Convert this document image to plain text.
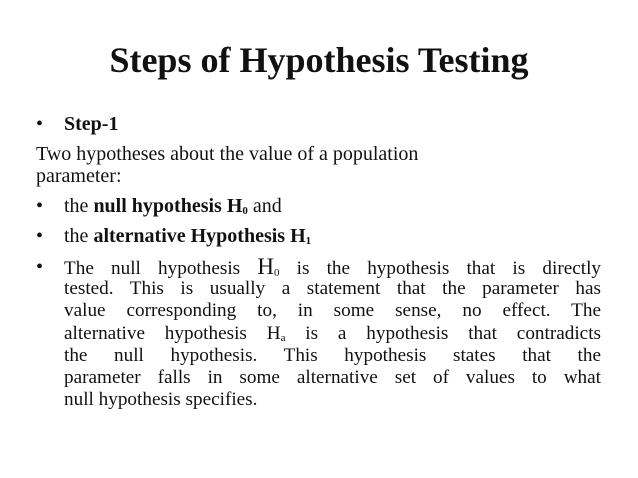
Steps of Hypothesis Testing
• Step-1
Two hypotheses about the value of a population
parameter:
• the null hypothesis H0 and
• the alternative Hypothesis H1
• The null hypothesis H0 is the hypothesis that is directly
tested. This is usually a statement that the parameter has
value corresponding to, in some sense, no effect. The
alternative hypothesis Ha is a hypothesis that contradicts
the null hypothesis. This hypothesis states that the
parameter falls in some alternative set of values to what
null hypothesis specifies.
